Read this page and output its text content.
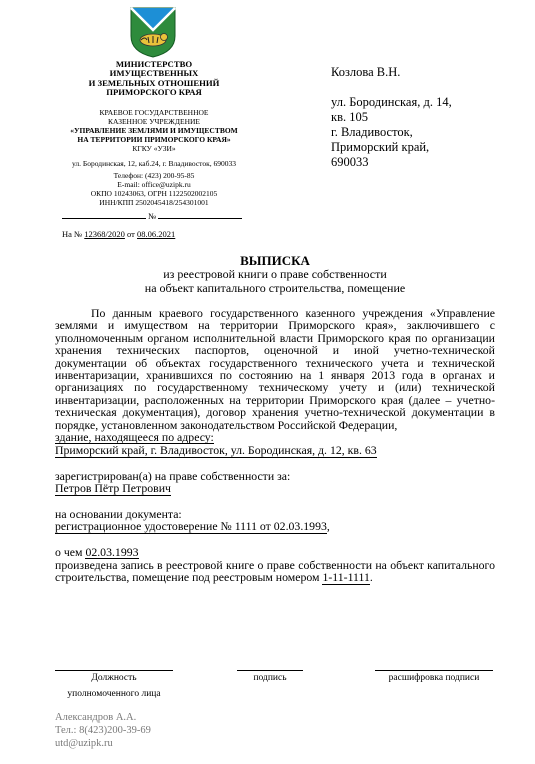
МИНИСТЕРСТВО
ИМУЩЕСТВЕННЫХ
И ЗЕМЕЛЬНЫХ ОТНОШЕНИЙ
ПРИМОРСКОГО КРАЯ
КРАЕВОЕ ГОСУДАРСТВЕННОЕ
КАЗЕННОЕ УЧРЕЖДЕНИЕ
«УПРАВЛЕНИЕ ЗЕМЛЯМИ И ИМУЩЕСТВОМ
НА ТЕРРИТОРИИ ПРИМОРСКОГО КРАЯ»
КГКУ «УЗИ»
ул. Бородинская, 12, каб.24, г. Владивосток, 690033
Телефон: (423) 200-95-85
E-mail: office@uzipk.ru
ОКПО 10243063, ОГРН 1122502002105
ИНН/КПП 2502045418/254301001
№
На № 12368/2020 от 08.06.2021
Козлова В.Н.
ул. Бородинская, д. 14,
кв. 105
г. Владивосток,
Приморский край,
690033
ВЫПИСКА
из реестровой книги о праве собственности
на объект капитального строительства, помещение
По данным краевого государственного казенного учреждения «Управление землями и имуществом на территории Приморского края», заключившего с уполномоченным органом исполнительной власти Приморского края по организации хранения технических паспортов, оценочной и иной учетно-технической документации об объектах государственного технического учета и технической инвентаризации, хранившихся по состоянию на 1 января 2013 года в органах и организациях по государственному техническому учету и (или) технической инвентаризации, расположенных на территории Приморского края (далее – учетно-техническая документация), договор хранения учетно-технической документации в порядке, установленном законодательством Российской Федерации,
здание, находящееся по адресу:
Приморский край, г. Владивосток, ул. Бородинская, д. 12, кв. 63
зарегистрирован(а) на праве собственности за:
Петров Пётр Петрович
на основании документа:
регистрационное удостоверение № 1111 от 02.03.1993,
о чем 02.03.1993
произведена запись в реестровой книге о праве собственности на объект капитального строительства, помещение под реестровым номером 1-11-1111.
Должность
уполномоченного лица
подпись	расшифровка подписи
Александров А.А.
Тел.: 8(423)200-39-69
utd@uzipk.ru
